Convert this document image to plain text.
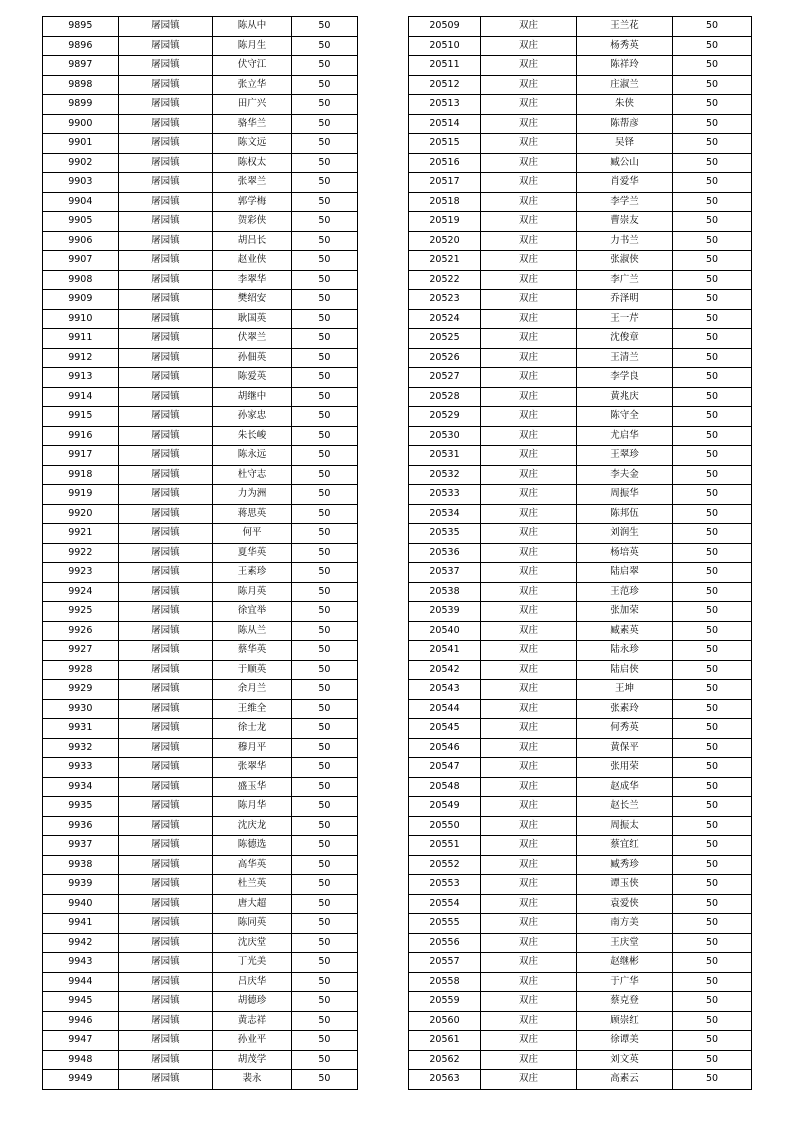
9895	屠园镇	陈从中	50
9896	屠园镇	陈月生	50
9897	屠园镇	伏守江	50
9898	屠园镇	张立华	50
9899	屠园镇	田广兴	50
9900	屠园镇	骆华兰	50
9901	屠园镇	陈文远	50
9902	屠园镇	陈权太	50
9903	屠园镇	张翠兰	50
9904	屠园镇	郭学梅	50
9905	屠园镇	贺彩侠	50
9906	屠园镇	胡吕长	50
9907	屠园镇	赵业侠	50
9908	屠园镇	李翠华	50
9909	屠园镇	樊绍安	50
9910	屠园镇	耿国英	50
9911	屠园镇	伏翠兰	50
9912	屠园镇	孙佃英	50
9913	屠园镇	陈爱英	50
9914	屠园镇	胡继中	50
9915	屠园镇	孙家忠	50
9916	屠园镇	朱长峻	50
9917	屠园镇	陈永远	50
9918	屠园镇	杜守志	50
9919	屠园镇	力为洲	50
9920	屠园镇	蒋思英	50
9921	屠园镇	何平	50
9922	屠园镇	夏华英	50
9923	屠园镇	王素珍	50
9924	屠园镇	陈月英	50
9925	屠园镇	徐宜举	50
9926	屠园镇	陈从兰	50
9927	屠园镇	蔡华英	50
9928	屠园镇	于顺英	50
9929	屠园镇	余月兰	50
9930	屠园镇	王维全	50
9931	屠园镇	徐士龙	50
9932	屠园镇	穆月平	50
9933	屠园镇	张翠华	50
9934	屠园镇	盛玉华	50
9935	屠园镇	陈月华	50
9936	屠园镇	沈庆龙	50
9937	屠园镇	陈德选	50
9938	屠园镇	高华英	50
9939	屠园镇	杜兰英	50
9940	屠园镇	唐大超	50
9941	屠园镇	陈同英	50
9942	屠园镇	沈庆堂	50
9943	屠园镇	丁光美	50
9944	屠园镇	吕庆华	50
9945	屠园镇	胡德珍	50
9946	屠园镇	黄志祥	50
9947	屠园镇	孙业平	50
9948	屠园镇	胡茂学	50
9949	屠园镇	裴永	50
20509	双庄	王兰花	50
20510	双庄	杨秀英	50
20511	双庄	陈祥玲	50
20512	双庄	庄淑兰	50
20513	双庄	朱侠	50
20514	双庄	陈帮彦	50
20515	双庄	吴铎	50
20516	双庄	臧公山	50
20517	双庄	肖爱华	50
20518	双庄	李学兰	50
20519	双庄	曹崇友	50
20520	双庄	力书兰	50
20521	双庄	张淑侠	50
20522	双庄	李广兰	50
20523	双庄	乔泽明	50
20524	双庄	王一芹	50
20525	双庄	沈俊章	50
20526	双庄	王清兰	50
20527	双庄	李学良	50
20528	双庄	黄兆庆	50
20529	双庄	陈守全	50
20530	双庄	尤启华	50
20531	双庄	王翠珍	50
20532	双庄	李夫金	50
20533	双庄	周振华	50
20534	双庄	陈邦伍	50
20535	双庄	刘润生	50
20536	双庄	杨培英	50
20537	双庄	陆启翠	50
20538	双庄	王范珍	50
20539	双庄	张加荣	50
20540	双庄	臧素英	50
20541	双庄	陆永珍	50
20542	双庄	陆启侠	50
20543	双庄	王坤	50
20544	双庄	张素玲	50
20545	双庄	何秀英	50
20546	双庄	黄保平	50
20547	双庄	张用荣	50
20548	双庄	赵成华	50
20549	双庄	赵长兰	50
20550	双庄	周振太	50
20551	双庄	蔡宜红	50
20552	双庄	臧秀珍	50
20553	双庄	谭玉侠	50
20554	双庄	袁爱侠	50
20555	双庄	南方美	50
20556	双庄	王庆堂	50
20557	双庄	赵继彬	50
20558	双庄	于广华	50
20559	双庄	蔡克登	50
20560	双庄	顾崇红	50
20561	双庄	徐谭美	50
20562	双庄	刘文英	50
20563	双庄	高素云	50
